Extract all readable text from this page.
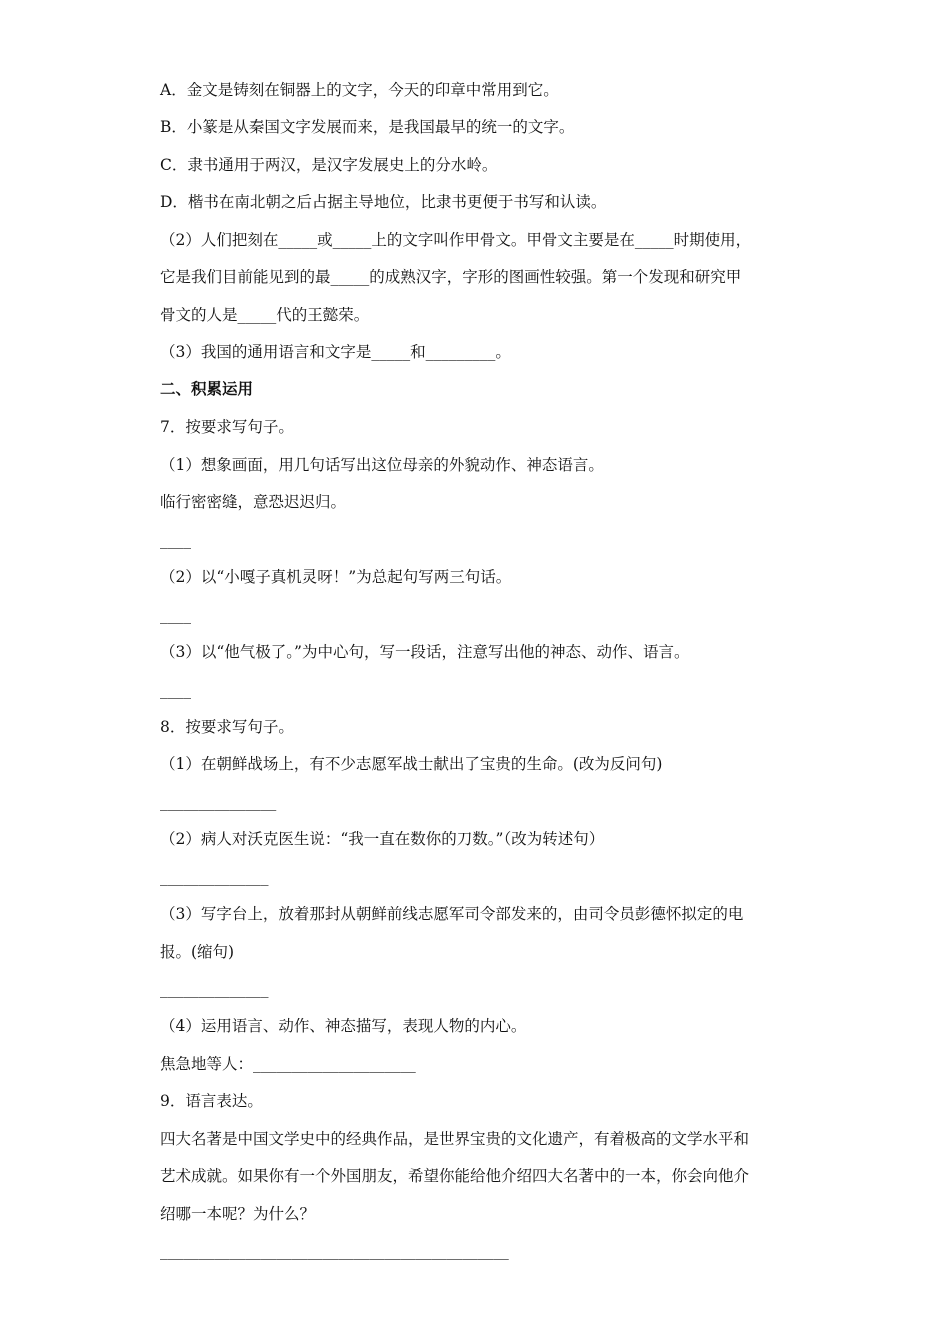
A．金文是铸刻在铜器上的文字，今天的印章中常用到它。
B．小篆是从秦国文字发展而来，是我国最早的统一的文字。
C．隶书通用于两汉，是汉字发展史上的分水岭。
D．楷书在南北朝之后占据主导地位，比隶书更便于书写和认读。
（2）人们把刻在_____或_____上的文字叫作甲骨文。甲骨文主要是在_____时期使用，
它是我们目前能见到的最_____的成熟汉字，字形的图画性较强。第一个发现和研究甲
骨文的人是_____代的王懿荣。
（3）我国的通用语言和文字是_____和_________。
二、积累运用
7．按要求写句子。
（1）想象画面，用几句话写出这位母亲的外貌动作、神态语言。
临行密密缝，意恐迟迟归。
____
（2）以“小嘎子真机灵呀！”为总起句写两三句话。
____
（3）以“他气极了。”为中心句，写一段话，注意写出他的神态、动作、语言。
____
8．按要求写句子。
（1）在朝鲜战场上，有不少志愿军战士献出了宝贵的生命。(改为反问句)
_______________
（2）病人对沃克医生说：“我一直在数你的刀数。”（改为转述句）
______________
（3）写字台上，放着那封从朝鲜前线志愿军司令部发来的，由司令员彭德怀拟定的电
报。(缩句)
______________
（4）运用语言、动作、神态描写，表现人物的内心。
焦急地等人：_____________________
9．语言表达。
四大名著是中国文学史中的经典作品，是世界宝贵的文化遗产，有着极高的文学水平和
艺术成就。如果你有一个外国朋友，希望你能给他介绍四大名著中的一本，你会向他介
绍哪一本呢？为什么？
_____________________________________________
